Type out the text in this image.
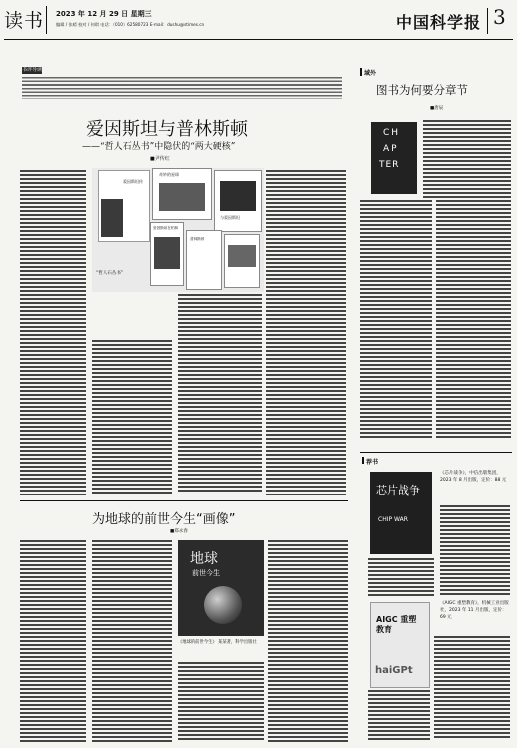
读书 2023 年 12 月 29 日 星期三
编辑 / 张晴 校对 / 何琪 电话：（010）62580723 E-mail：dushu@stimes.cn	中国科学报 3
书评导读
爱因斯坦与普林斯顿
——“哲人石丛书”中隐伏的“两大硬核”
■尹传红
爱因斯坦传
奇妙的星球
与爱因斯坦
爱因斯坦在柏林
普林斯顿
“哲人石丛书”
域外
图书为何要分章节
■唐辰
CH
AP
TER
荐书
芯片战争
CHIP WAR
《芯片战争》，中信出版集团，2023 年 8 月出版，定价：88 元
AIGC 重塑教育
haiGPt
《AIGC 重塑教育》，机械工业出版社，2023 年 11 月出版，定价：69 元
为地球的前世今生“画像”
■郑永春
地球
前世今生
《地球的前世今生》 某某著，科学出版社
